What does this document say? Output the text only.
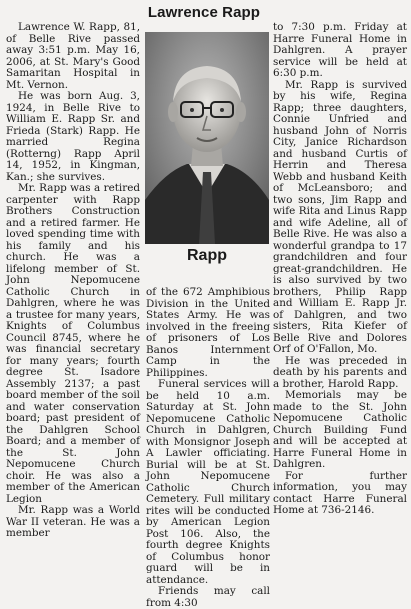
Lawrence Rapp

Lawrence W. Rapp, 81, of Belle Rive passed away 3:51 p.m. May 16, 2006, at St. Mary's Good Samaritan Hospital in Mt. Vernon.

He was born Aug. 3, 1924, in Belle Rive to William E. Rapp Sr. and Frieda (Stark) Rapp. He married Regina (Rotterng) Rapp April 14, 1952, in Kingman, Kan.; she survives.

Mr. Rapp was a retired carpenter with Rapp Brothers Construction and a retired farmer. He loved spending time with his family and his church. He was a lifelong member of St. John Nepomucene Catholic Church in Dahlgren, where he was a trustee for many years, Knights of Columbus Council 8745, where he was financial secretary for many years; fourth degree St. Isadore Assembly 2137; a past board member of the soil and water conservation board; past president of the Dahlgren School Board; and a member of the St. John Nepomucene Church choir. He was also a member of the American Legion

Mr. Rapp was a World War II veteran. He was a member

Rapp

of the 672 Amphibious Division in the United States Army. He was involved in the freeing of prisoners of Los Banos Internment Camp in the Philippines.

Funeral services will be held 10 a.m. Saturday at St. John Nepomucene Catholic Church in Dahlgren, with Monsignor Joseph A Lawler officiating. Burial will be at St. John Nepomucene Catholic Church Cemetery. Full military rites will be conducted by American Legion Post 106. Also, the fourth degree Knights of Columbus honor guard will be in attendance.

Friends may call from 4:30

to 7:30 p.m. Friday at Harre Funeral Home in Dahlgren. A prayer service will be held at 6:30 p.m.

Mr. Rapp is survived by his wife, Regina Rapp; three daughters, Connie Unfried and husband John of Norris City, Janice Richardson and husband Curtis of Herrin and Theresa Webb and husband Keith of McLeansboro; and two sons, Jim Rapp and wife Rita and Linus Rapp and wife Adeline, all of Belle Rive. He was also a wonderful grandpa to 17 grandchildren and four great-grandchildren. He is also survived by two brothers, Philip Rapp and William E. Rapp Jr. of Dahlgren, and two sisters, Rita Kiefer of Belle Rive and Dolores Orf of O'Fallon, Mo.

He was preceded in death by his parents and a brother, Harold Rapp.

Memorials may be made to the St. John Nepomucene Catholic Church Building Fund and will be accepted at Harre Funeral Home in Dahlgren.

For further information, you may contact Harre Funeral Home at 736-2146.
